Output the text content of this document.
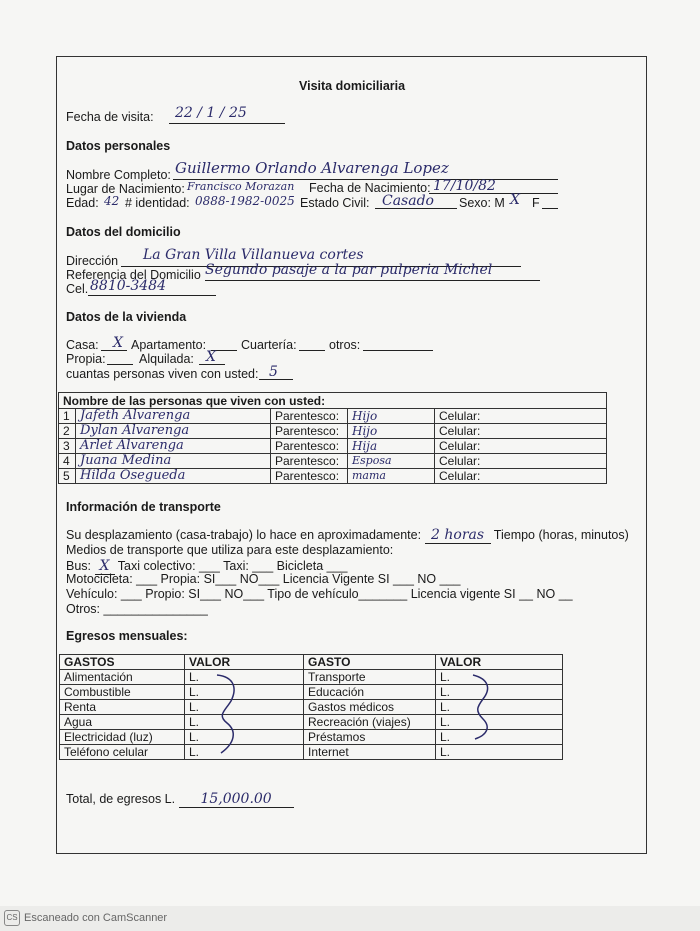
Visita domiciliaria
Fecha de visita: 22 / 1 / 25
Datos personales
Nombre Completo: Guillermo Orlando Alvarenga Lopez
Lugar de Nacimiento: Francisco Morazan Fecha de Nacimiento: 17/10/82
Edad: 42 # identidad: 0888-1982-0025 Estado Civil: Casado Sexo: M X F
Datos del domicilio
Dirección La Gran Villa Villanueva cortes
Referencia del Domicilio Segundo pasaje a la par pulperia Michel
Cel. 8810-3484
Datos de la vivienda
Casa: X Apartamento:	Cuartería:	otros:
Propia:	Alquilada: X
cuantas personas viven con usted: 5
Nombre de las personas que viven con usted:				
1	Jafeth Alvarenga	Parentesco:	Hijo	Celular:
2	Dylan Alvarenga	Parentesco:	Hijo	Celular:
3	Arlet Alvarenga	Parentesco:	Hija	Celular:
4	Juana Medina	Parentesco:	Esposa	Celular:
5	Hilda Osegueda	Parentesco:	mama	Celular:
Información de transporte
Su desplazamiento (casa-trabajo) lo hace en aproximadamente: 2 horas Tiempo (horas, minutos)
Medios de transporte que utiliza para este desplazamiento:
Bus: X Taxi colectivo: ___ Taxi: ___ Bicicleta ___
Motocicleta: ___ Propia: SI___ NO___ Licencia Vigente SI ___ NO ___
Vehículo: ___ Propio: SI___ NO___ Tipo de vehículo_______ Licencia vigente SI __ NO __
Otros: _______________
Egresos mensuales:
GASTOS	VALOR	GASTO	VALOR
Alimentación	L.	Transporte	L.
Combustible	L.	Educación	L.
Renta	L.	Gastos médicos	L.
Agua	L.	Recreación (viajes)	L.
Electricidad (luz)	L.	Préstamos	L.
Teléfono celular	L.	Internet	L.
Total, de egresos L. 15,000.00
CS Escaneado con CamScanner
